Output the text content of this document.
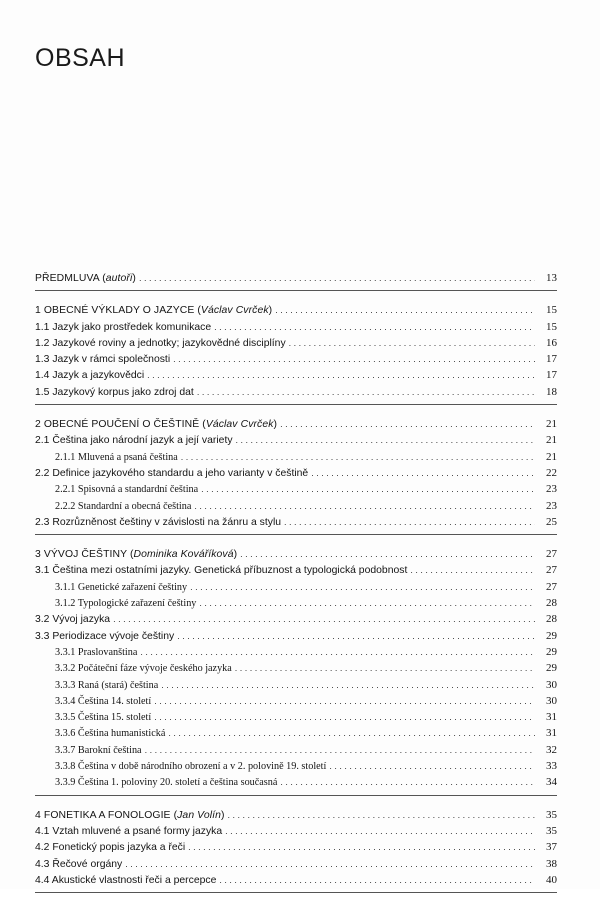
OBSAH
PŘEDMLUVA (autoři) . . .	13
1 OBECNÉ VÝKLADY O JAZYCE (Václav Cvrček) . . .	15
1.1 Jazyk jako prostředek komunikace . . .	15
1.2 Jazykové roviny a jednotky; jazykovědné disciplíny . . .	16
1.3 Jazyk v rámci společnosti . . .	17
1.4 Jazyk a jazykovědci . . .	17
1.5 Jazykový korpus jako zdroj dat . . .	18
2 OBECNÉ POUČENÍ O ČEŠTINĚ (Václav Cvrček) . . .	21
2.1 Čeština jako národní jazyk a její variety . . .	21
2.1.1 Mluvená a psaná čeština . . .	21
2.2 Definice jazykového standardu a jeho varianty v češtině . . .	22
2.2.1 Spisovná a standardní čeština . . .	23
2.2.2 Standardní a obecná čeština . . .	23
2.3 Rozrůzněnost češtiny v závislosti na žánru a stylu . . .	25
3 VÝVOJ ČEŠTINY (Dominika Kováříková) . . .	27
3.1 Čeština mezi ostatními jazyky. Genetická příbuznost a typologická podobnost . . .	27
3.1.1 Genetické zařazení češtiny . . .	27
3.1.2 Typologické zařazení češtiny . . .	28
3.2 Vývoj jazyka . . .	28
3.3 Periodizace vývoje češtiny . . .	29
3.3.1 Praslovanština . . .	29
3.3.2 Počáteční fáze vývoje českého jazyka . . .	29
3.3.3 Raná (stará) čeština . . .	30
3.3.4 Čeština 14. století . . .	30
3.3.5 Čeština 15. století . . .	31
3.3.6 Čeština humanistická . . .	31
3.3.7 Barokní čeština . . .	32
3.3.8 Čeština v době národního obrození a v 2. polovině 19. století . . .	33
3.3.9 Čeština 1. poloviny 20. století a čeština současná . . .	34
4 FONETIKA A FONOLOGIE (Jan Volín) . . .	35
4.1 Vztah mluvené a psané formy jazyka . . .	35
4.2 Fonetický popis jazyka a řeči . . .	37
4.3 Řečové orgány . . .	38
4.4 Akustické vlastnosti řeči a percepce . . .	40
